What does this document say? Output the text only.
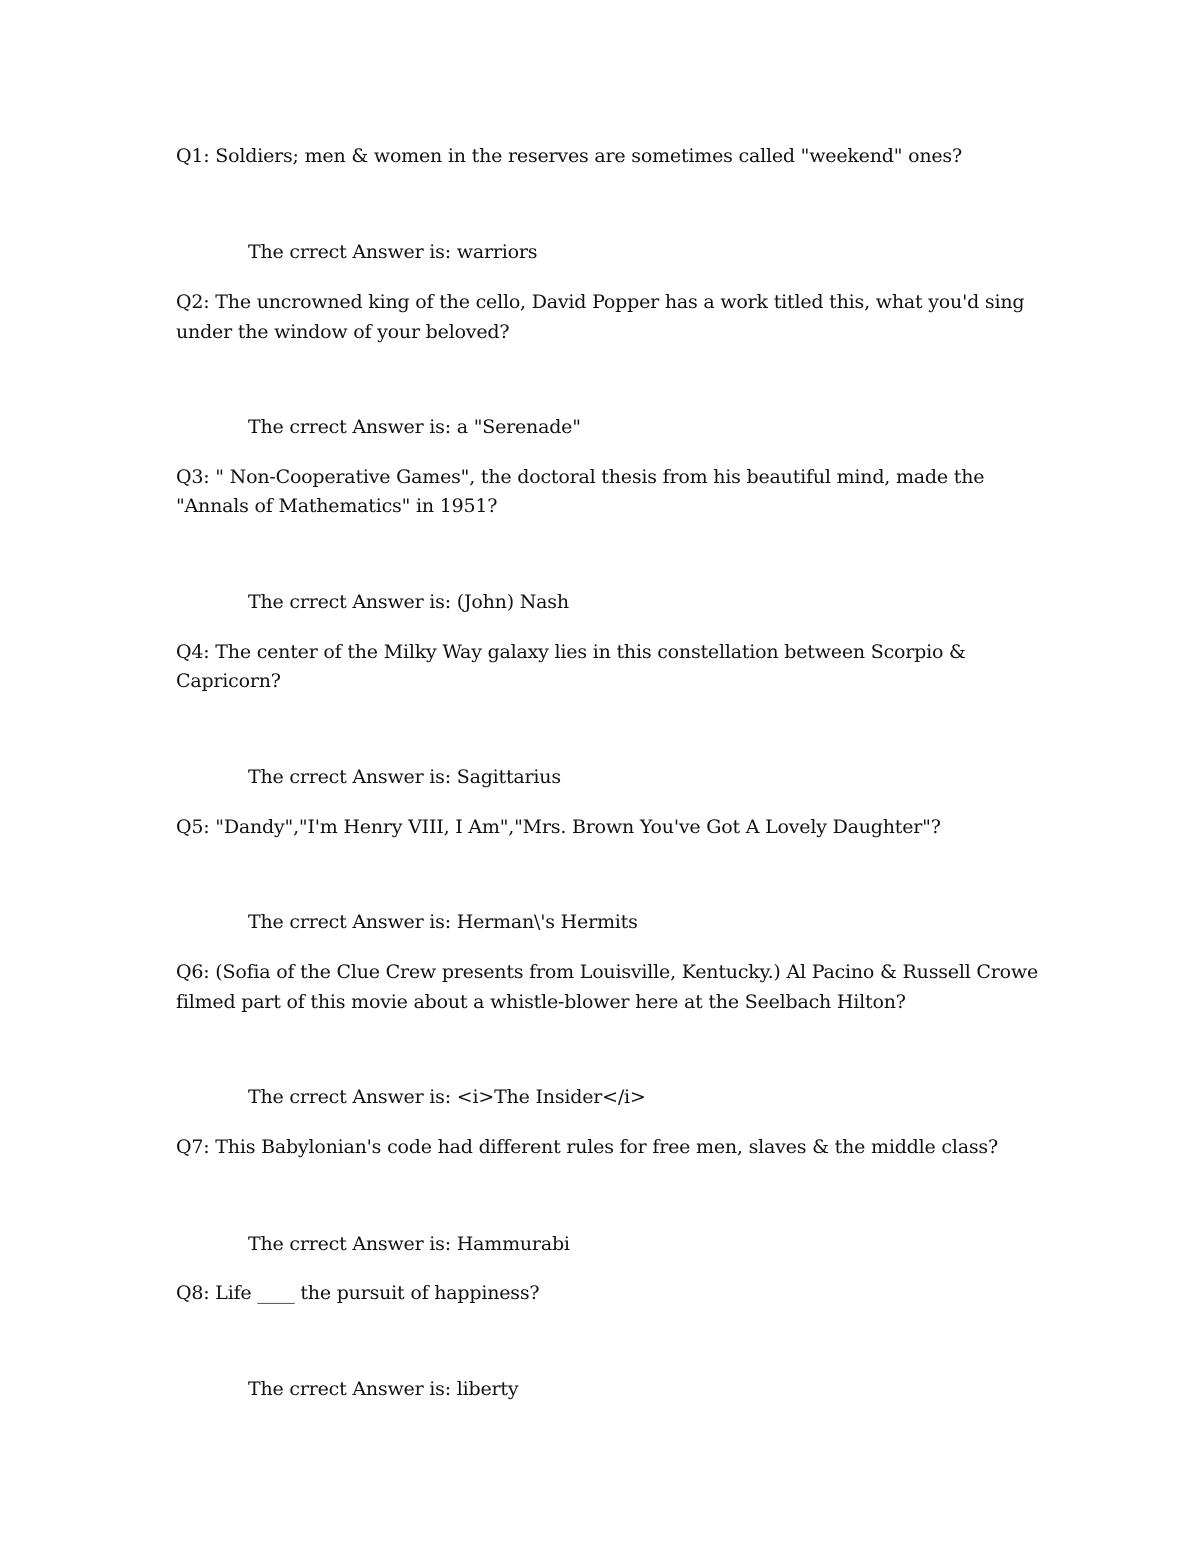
Q1: Soldiers; men & women in the reserves are sometimes called "weekend" ones?

The crrect Answer is: warriors

Q2: The uncrowned king of the cello, David Popper has a work titled this, what you'd sing

under the window of your beloved?

The crrect Answer is: a "Serenade"

Q3: " Non-Cooperative Games", the doctoral thesis from his beautiful mind, made the

"Annals of Mathematics" in 1951?

The crrect Answer is: (John) Nash

Q4: The center of the Milky Way galaxy lies in this constellation between Scorpio &

Capricorn?

The crrect Answer is: Sagittarius

Q5: "Dandy","I'm Henry VIII, I Am","Mrs. Brown You've Got A Lovely Daughter"?

The crrect Answer is: Herman\'s Hermits

Q6: (Sofia of the Clue Crew presents from Louisville, Kentucky.) Al Pacino & Russell Crowe

filmed part of this movie about a whistle-blower here at the Seelbach Hilton?

The crrect Answer is: <i>The Insider</i>

Q7: This Babylonian's code had different rules for free men, slaves & the middle class?

The crrect Answer is: Hammurabi

Q8: Life ____ the pursuit of happiness?

The crrect Answer is: liberty
